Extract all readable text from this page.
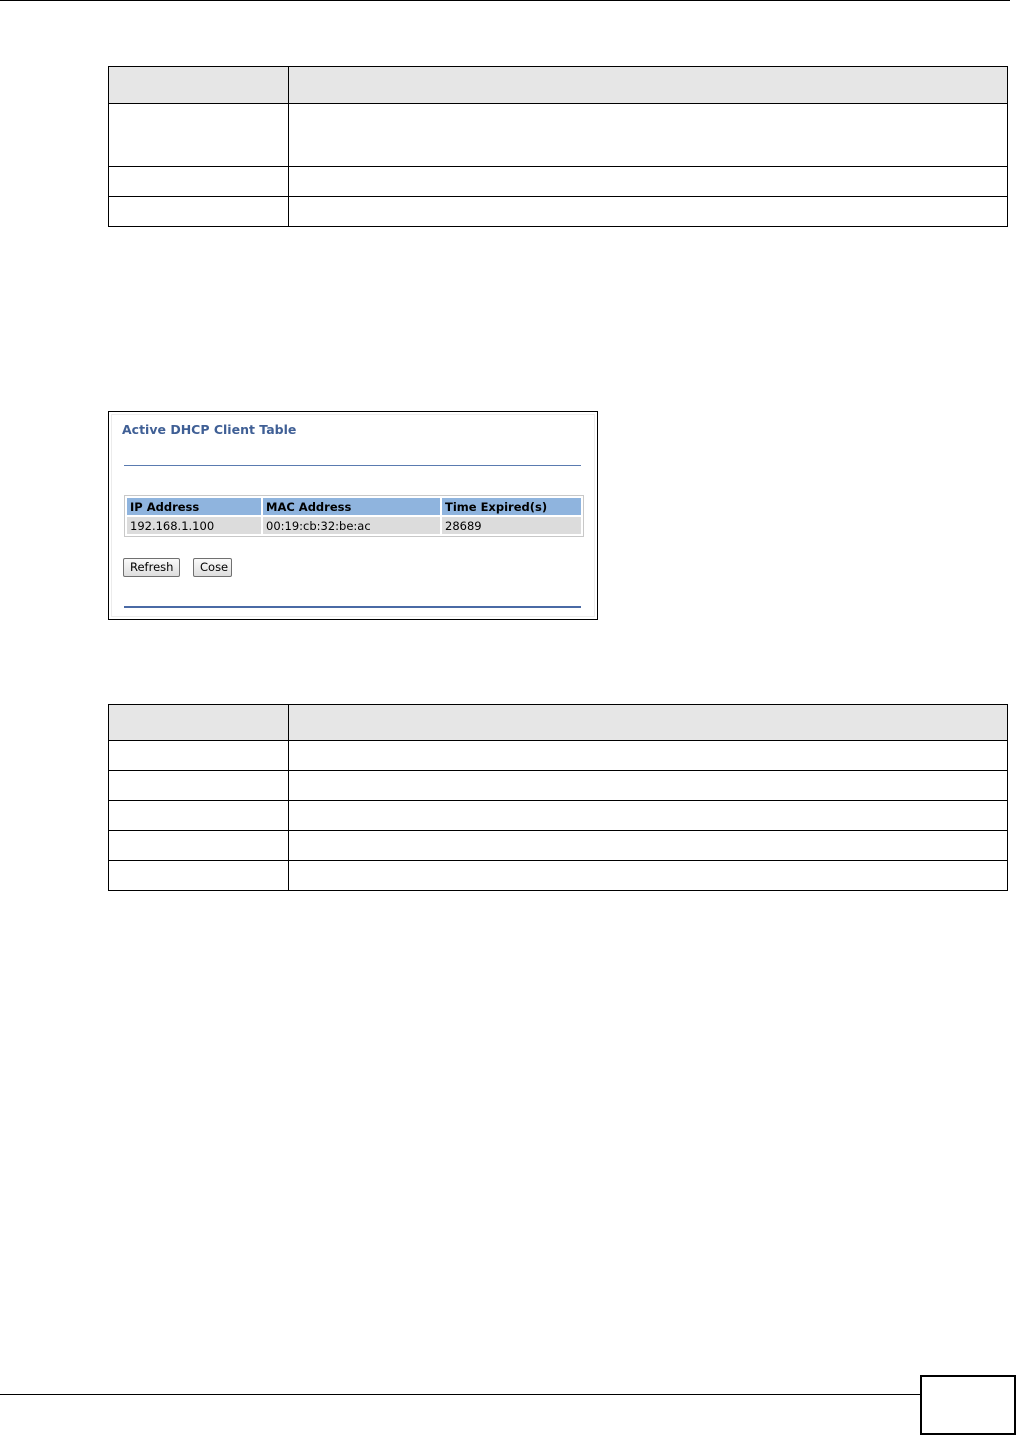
Active DHCP Client Table
IP Address	MAC Address	Time Expired(s)
192.168.1.100	00:19:cb:32:be:ac	28689
Refresh	Cose
